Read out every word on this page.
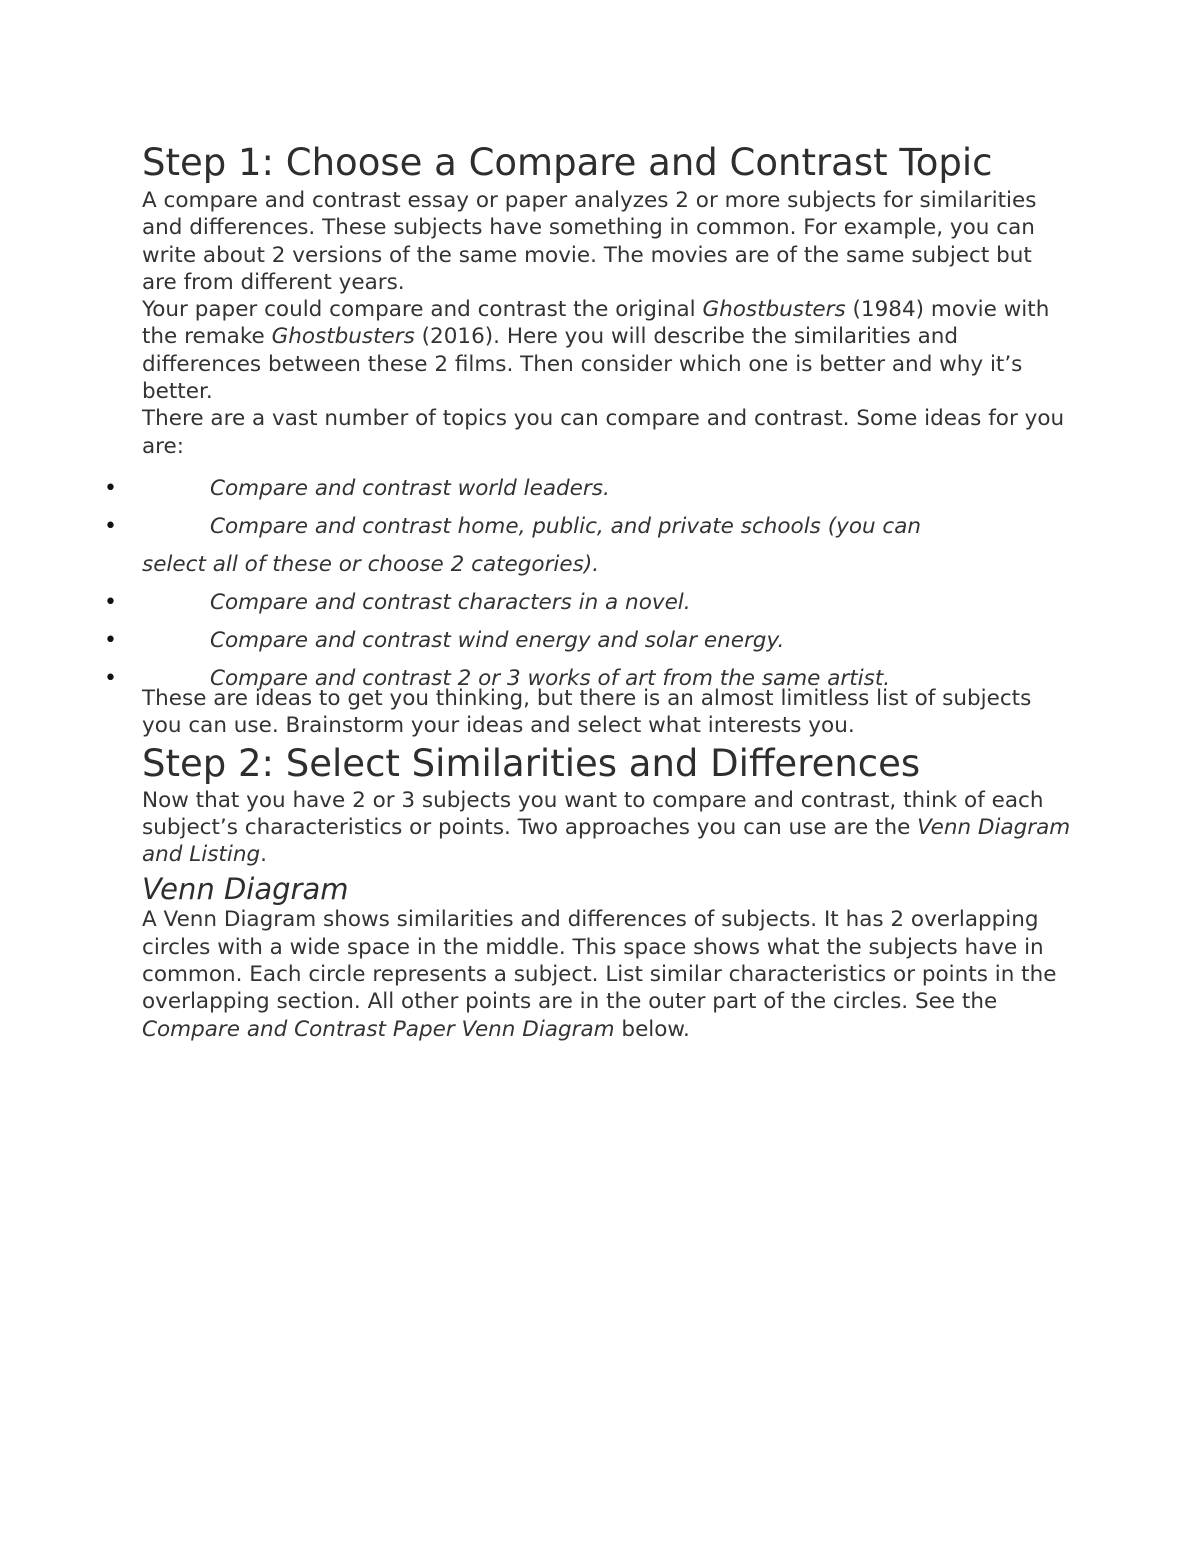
Step 1: Choose a Compare and Contrast Topic

A compare and contrast essay or paper analyzes 2 or more subjects for similarities and differences. These subjects have something in common. For example, you can write about 2 versions of the same movie. The movies are of the same subject but are from different years.

Your paper could compare and contrast the original Ghostbusters (1984) movie with the remake Ghostbusters (2016). Here you will describe the similarities and differences between these 2 films. Then consider which one is better and why it’s better.

There are a vast number of topics you can compare and contrast. Some ideas for you are:

•	Compare and contrast world leaders.
•	Compare and contrast home, public, and private schools (you can
select all of these or choose 2 categories).
•	Compare and contrast characters in a novel.
•	Compare and contrast wind energy and solar energy.
•	Compare and contrast 2 or 3 works of art from the same artist.

These are ideas to get you thinking, but there is an almost limitless list of subjects you can use. Brainstorm your ideas and select what interests you.

Step 2: Select Similarities and Differences

Now that you have 2 or 3 subjects you want to compare and contrast, think of each subject’s characteristics or points. Two approaches you can use are the Venn Diagram and Listing.

Venn Diagram

A Venn Diagram shows similarities and differences of subjects. It has 2 overlapping circles with a wide space in the middle. This space shows what the subjects have in common. Each circle represents a subject. List similar characteristics or points in the overlapping section. All other points are in the outer part of the circles. See the Compare and Contrast Paper Venn Diagram below.
